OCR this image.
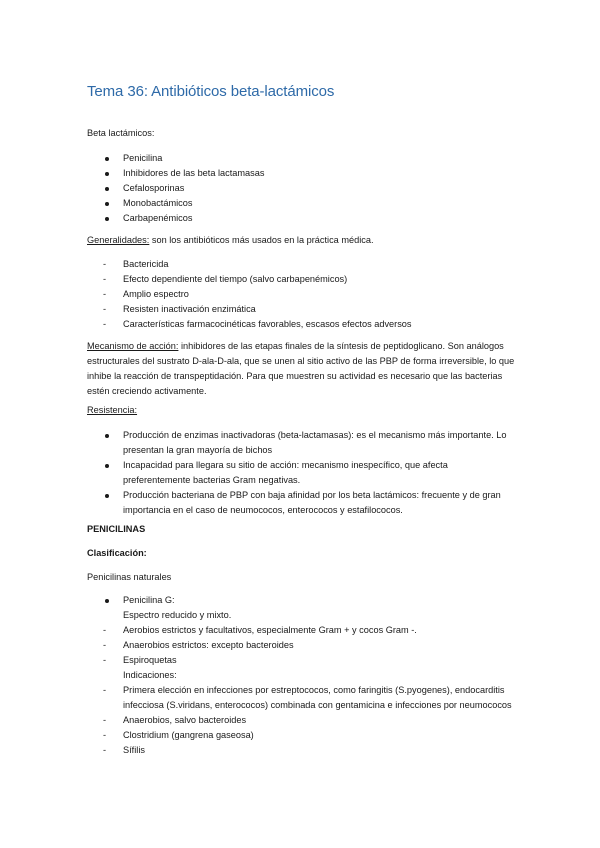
Tema 36: Antibióticos beta-lactámicos
Beta lactámicos:
Penicilina
Inhibidores de las beta lactamasas
Cefalosporinas
Monobactámicos
Carbapenémicos
Generalidades: son los antibióticos más usados en la práctica médica.
-	Bactericida
-	Efecto dependiente del tiempo (salvo carbapenémicos)
-	Amplio espectro
-	Resisten inactivación enzimática
-	Características farmacocinéticas favorables, escasos efectos adversos
Mecanismo de acción: inhibidores de las etapas finales de la síntesis de peptidoglicano. Son análogos estructurales del sustrato D-ala-D-ala, que se unen al sitio activo de las PBP de forma irreversible, lo que inhibe la reacción de transpeptidación. Para que muestren su actividad es necesario que las bacterias estén creciendo activamente.
Resistencia:
Producción de enzimas inactivadoras (beta-lactamasas): es el mecanismo más importante. Lo presentan la gran mayoría de bichos
Incapacidad para llegara su sitio de acción: mecanismo inespecífico, que afecta preferentemente bacterias Gram negativas.
Producción bacteriana de PBP con baja afinidad por los beta lactámicos: frecuente y de gran importancia en el caso de neumococos, enterococos y estafilococos.
PENICILINAS
Clasificación:
Penicilinas naturales
Penicilina G:
Espectro reducido y mixto.
-	Aerobios estrictos y facultativos, especialmente Gram + y cocos Gram -.
-	Anaerobios estrictos: excepto bacteroides
-	Espiroquetas
Indicaciones:
-	Primera elección en infecciones por estreptococos, como faringitis (S.pyogenes), endocarditis infecciosa (S.viridans, enterococos) combinada con gentamicina e infecciones por neumococos
-	Anaerobios, salvo bacteroides
-	Clostridium (gangrena gaseosa)
-	Sífilis
